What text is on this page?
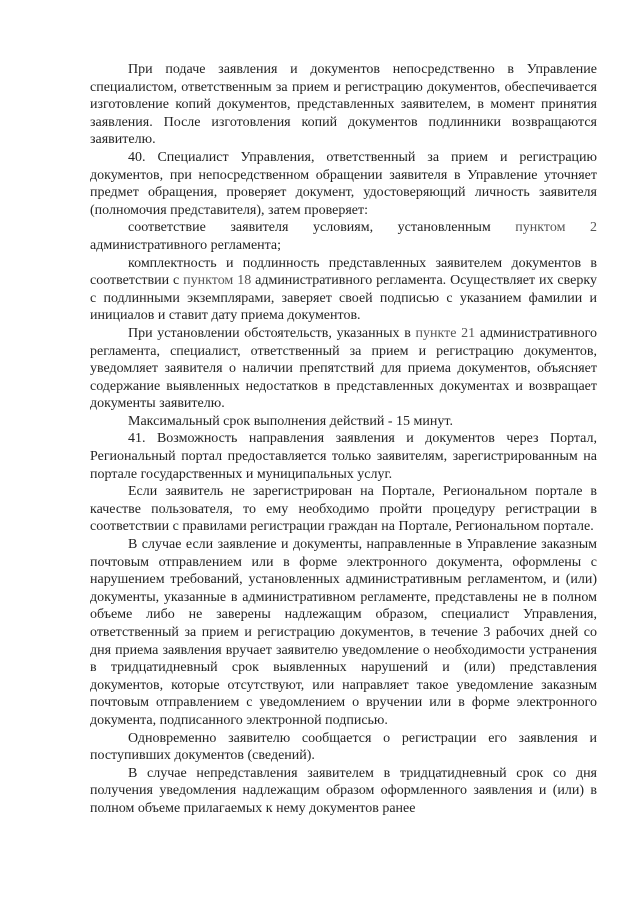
При подаче заявления и документов непосредственно в Управление специалистом, ответственным за прием и регистрацию документов, обеспечивается изготовление копий документов, представленных заявителем, в момент принятия заявления. После изготовления копий документов подлинники возвращаются заявителю.

40. Специалист Управления, ответственный за прием и регистрацию документов, при непосредственном обращении заявителя в Управление уточняет предмет обращения, проверяет документ, удостоверяющий личность заявителя (полномочия представителя), затем проверяет:

соответствие заявителя условиям, установленным пунктом 2 административного регламента;

комплектность и подлинность представленных заявителем документов в соответствии с пунктом 18 административного регламента. Осуществляет их сверку с подлинными экземплярами, заверяет своей подписью с указанием фамилии и инициалов и ставит дату приема документов.

При установлении обстоятельств, указанных в пункте 21 административного регламента, специалист, ответственный за прием и регистрацию документов, уведомляет заявителя о наличии препятствий для приема документов, объясняет содержание выявленных недостатков в представленных документах и возвращает документы заявителю.

Максимальный срок выполнения действий - 15 минут.

41. Возможность направления заявления и документов через Портал, Региональный портал предоставляется только заявителям, зарегистрированным на портале государственных и муниципальных услуг.

Если заявитель не зарегистрирован на Портале, Региональном портале в качестве пользователя, то ему необходимо пройти процедуру регистрации в соответствии с правилами регистрации граждан на Портале, Региональном портале.

В случае если заявление и документы, направленные в Управление заказным почтовым отправлением или в форме электронного документа, оформлены с нарушением требований, установленных административным регламентом, и (или) документы, указанные в административном регламенте, представлены не в полном объеме либо не заверены надлежащим образом, специалист Управления, ответственный за прием и регистрацию документов, в течение 3 рабочих дней со дня приема заявления вручает заявителю уведомление о необходимости устранения в тридцатидневный срок выявленных нарушений и (или) представления документов, которые отсутствуют, или направляет такое уведомление заказным почтовым отправлением с уведомлением о вручении или в форме электронного документа, подписанного электронной подписью.

Одновременно заявителю сообщается о регистрации его заявления и поступивших документов (сведений).

В случае непредставления заявителем в тридцатидневный срок со дня получения уведомления надлежащим образом оформленного заявления и (или) в полном объеме прилагаемых к нему документов ранее
